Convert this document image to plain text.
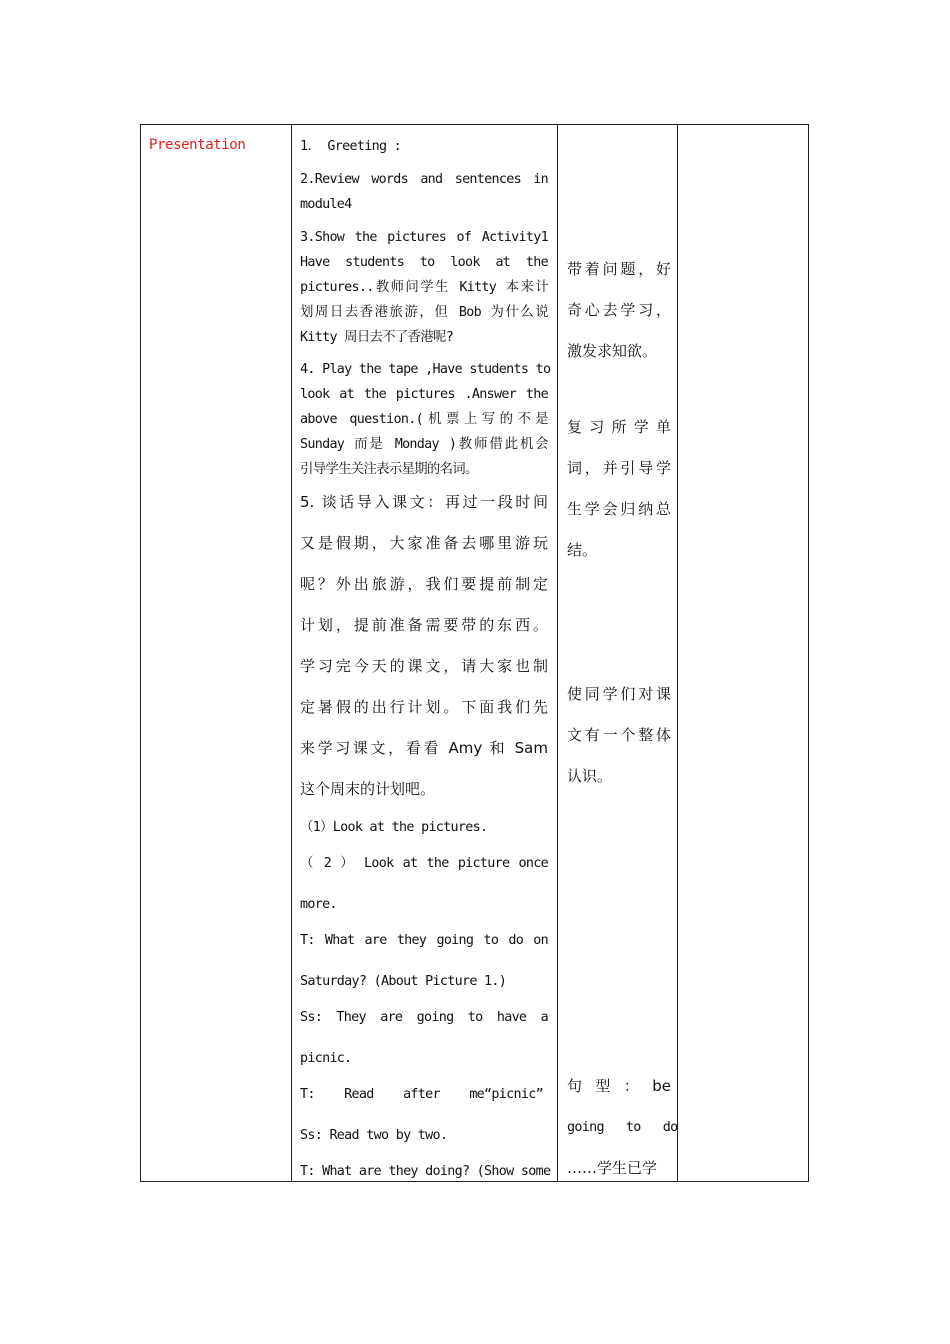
Presentation	1． Greeting :
2.Review words and sentences in
module4
3.Show the pictures of Activity1
Have students to look at the
pictures..教师问学生 Kitty 本来计
划周日去香港旅游，但 Bob 为什么说
Kitty 周日去不了香港呢?
4. Play the tape ,Have students to
look at the pictures .Answer the
above question.(机票上写的不是
Sunday 而是 Monday )教师借此机会
引导学生关注表示星期的名词。
5. 谈话导入课文：再过一段时间
又是假期，大家准备去哪里游玩
呢？外出旅游，我们要提前制定
计划，提前准备需要带的东西。
学习完今天的课文，请大家也制
定暑假的出行计划。下面我们先
来学习课文，看看 Amy 和 Sam
这个周末的计划吧。
（1）Look at the pictures.
（ 2 ） Look at the picture once
more.
T: What are they going to do on
Saturday? (About Picture 1.)
Ss: They are going to have a
picnic.
T:    Read    after    me“picnic”
Ss: Read two by two.
T: What are they doing? (Show some
带着问题，好
奇心去学习，
激发求知欲。
复 习 所 学 单
词，并引导学
生学会归纳总
结。
使同学们对课
文有一个整体
认识。
句  型  ：  be
going   to   do
……学生已学
